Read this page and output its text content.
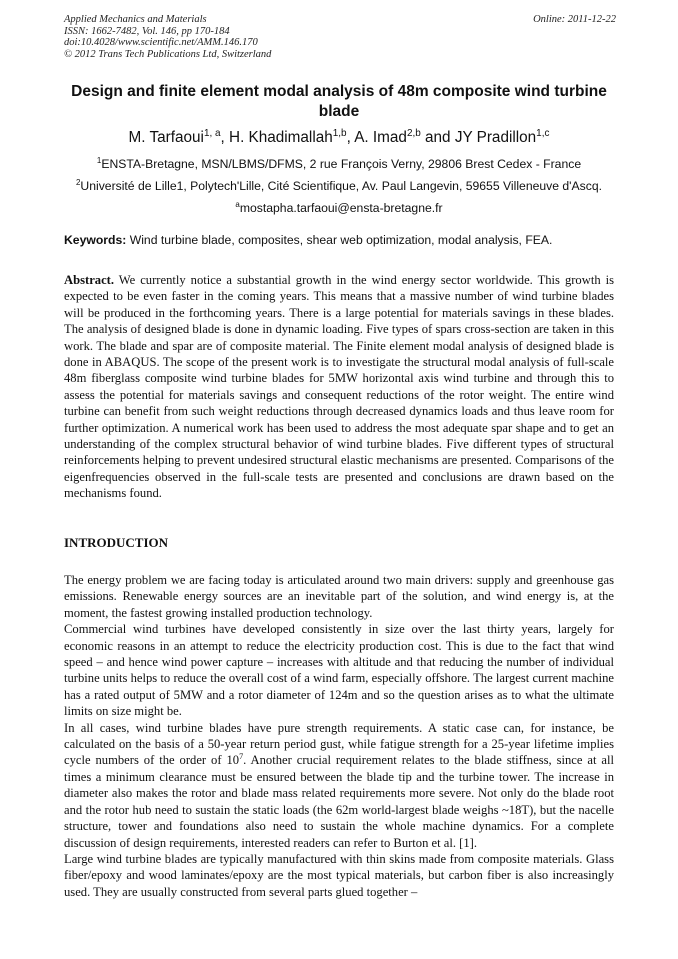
Applied Mechanics and Materials
ISSN: 1662-7482, Vol. 146, pp 170-184
doi:10.4028/www.scientific.net/AMM.146.170
© 2012 Trans Tech Publications Ltd, Switzerland
Online: 2011-12-22
Design and finite element modal analysis of 48m composite wind turbine blade
M. Tarfaoui$^{1, a}$, H. Khadimallah$^{1,b}$, A. Imad$^{2,b}$ and JY Pradillon$^{1,c}$
$^1$ENSTA-Bretagne, MSN/LBMS/DFMS, 2 rue François Verny, 29806 Brest Cedex - France
$^2$Université de Lille1, Polytech'Lille, Cité Scientifique, Av. Paul Langevin, 59655 Villeneuve d'Ascq.
$^a$mostapha.tarfaoui@ensta-bretagne.fr
Keywords: Wind turbine blade, composites, shear web optimization, modal analysis, FEA.

Abstract. We currently notice a substantial growth in the wind energy sector worldwide. This growth is expected to be even faster in the coming years. This means that a massive number of wind turbine blades will be produced in the forthcoming years. There is a large potential for materials savings in these blades. The analysis of designed blade is done in dynamic loading. Five types of spars cross-section are taken in this work. The blade and spar are of composite material. The Finite element modal analysis of designed blade is done in ABAQUS. The scope of the present work is to investigate the structural modal analysis of full-scale 48m fiberglass composite wind turbine blades for 5MW horizontal axis wind turbine and through this to assess the potential for materials savings and consequent reductions of the rotor weight. The entire wind turbine can benefit from such weight reductions through decreased dynamics loads and thus leave room for further optimization. A numerical work has been used to address the most adequate spar shape and to get an understanding of the complex structural behavior of wind turbine blades. Five different types of structural reinforcements helping to prevent undesired structural elastic mechanisms are presented. Comparisons of the eigenfrequencies observed in the full-scale tests are presented and conclusions are drawn based on the mechanisms found.

INTRODUCTION

The energy problem we are facing today is articulated around two main drivers: supply and greenhouse gas emissions. Renewable energy sources are an inevitable part of the solution, and wind energy is, at the moment, the fastest growing installed production technology.

Commercial wind turbines have developed consistently in size over the last thirty years, largely for economic reasons in an attempt to reduce the electricity production cost. This is due to the fact that wind speed – and hence wind power capture – increases with altitude and that reducing the number of individual turbine units helps to reduce the overall cost of a wind farm, especially offshore. The largest current machine has a rated output of 5MW and a rotor diameter of 124m and so the question arises as to what the ultimate limits on size might be.

In all cases, wind turbine blades have pure strength requirements. A static case can, for instance, be calculated on the basis of a 50-year return period gust, while fatigue strength for a 25-year lifetime implies cycle numbers of the order of $10^7$. Another crucial requirement relates to the blade stiffness, since at all times a minimum clearance must be ensured between the blade tip and the turbine tower. The increase in diameter also makes the rotor and blade mass related requirements more severe. Not only do the blade root and the rotor hub need to sustain the static loads (the 62m world-largest blade weighs ~18T), but the nacelle structure, tower and foundations also need to sustain the whole machine dynamics. For a complete discussion of design requirements, interested readers can refer to Burton et al. [1].

Large wind turbine blades are typically manufactured with thin skins made from composite materials. Glass fiber/epoxy and wood laminates/epoxy are the most typical materials, but carbon fiber is also increasingly used. They are usually constructed from several parts glued together –
